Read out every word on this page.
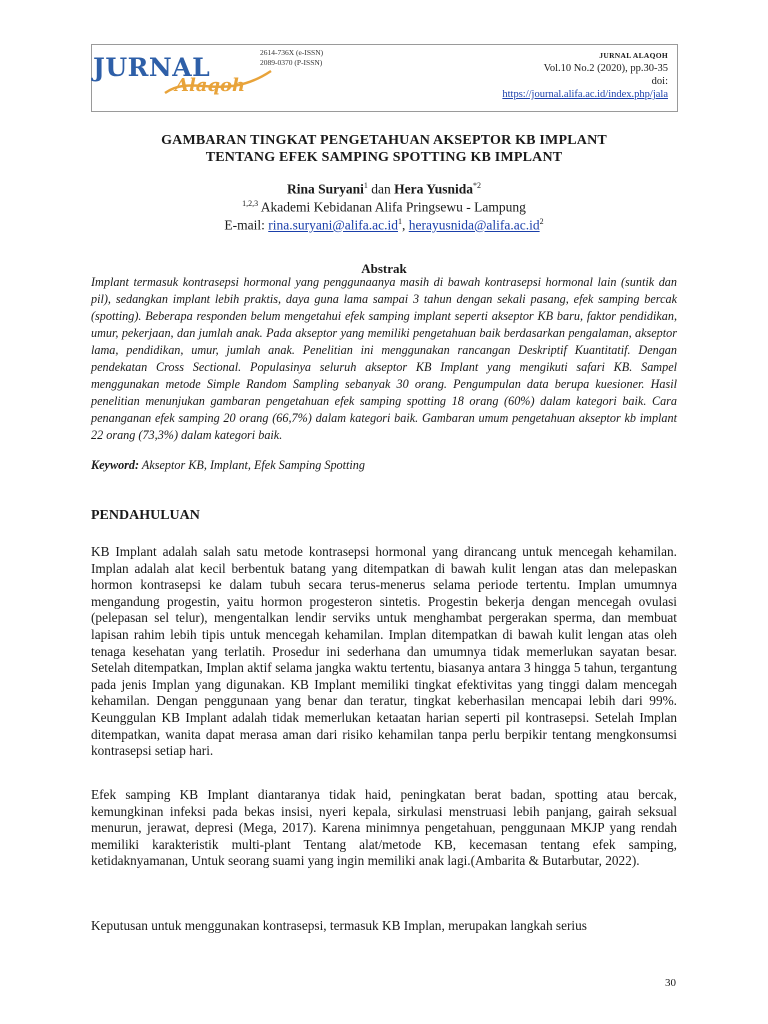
JURNAL
Alaqoh
2614-736X (e-ISSN)
2089-0370 (P-ISSN)
JURNAL ALAQOH
Vol.10 No.2 (2020), pp.30-35
doi:
https://journal.alifa.ac.id/index.php/jala
GAMBARAN TINGKAT PENGETAHUAN AKSEPTOR KB IMPLANT
TENTANG EFEK SAMPING SPOTTING KB IMPLANT
Rina Suryani$^1$ dan Hera Yusnida$^{*2}$
$^{1,2,3}$ Akademi Kebidanan Alifa Pringsewu - Lampung
E-mail: $rina.suryani@alifa.ac.id^1$, $herayusnida@alifa.ac.id^2$
Abstrak
Implant termasuk kontrasepsi hormonal yang penggunaanya masih di bawah kontrasepsi hormonal lain (suntik dan pil), sedangkan implant lebih praktis, daya guna lama sampai 3 tahun dengan sekali pasang, efek samping bercak (spotting). Beberapa responden belum mengetahui efek samping implant seperti akseptor KB baru, faktor pendidikan, umur, pekerjaan, dan jumlah anak. Pada akseptor yang memiliki pengetahuan baik berdasarkan pengalaman, akseptor lama, pendidikan, umur, jumlah anak. Penelitian ini menggunakan rancangan Deskriptif Kuantitatif. Dengan pendekatan Cross Sectional. Populasinya seluruh akseptor KB Implant yang mengikuti safari KB. Sampel menggunakan metode Simple Random Sampling sebanyak 30 orang. Pengumpulan data berupa kuesioner. Hasil penelitian menunjukan gambaran pengetahuan efek samping spotting 18 orang (60%) dalam kategori baik. Cara penanganan efek samping 20 orang (66,7%) dalam kategori baik. Gambaran umum pengetahuan akseptor kb implant 22 orang (73,3%) dalam kategori baik.
Keyword: Akseptor KB, Implant, Efek Samping Spotting
PENDAHULUAN
KB Implant adalah salah satu metode kontrasepsi hormonal yang dirancang untuk mencegah kehamilan. Implan adalah alat kecil berbentuk batang yang ditempatkan di bawah kulit lengan atas dan melepaskan hormon kontrasepsi ke dalam tubuh secara terus-menerus selama periode tertentu. Implan umumnya mengandung progestin, yaitu hormon progesteron sintetis. Progestin bekerja dengan mencegah ovulasi (pelepasan sel telur), mengentalkan lendir serviks untuk menghambat pergerakan sperma, dan membuat lapisan rahim lebih tipis untuk mencegah kehamilan. Implan ditempatkan di bawah kulit lengan atas oleh tenaga kesehatan yang terlatih. Prosedur ini sederhana dan umumnya tidak memerlukan sayatan besar. Setelah ditempatkan, Implan aktif selama jangka waktu tertentu, biasanya antara 3 hingga 5 tahun, tergantung pada jenis Implan yang digunakan. KB Implant memiliki tingkat efektivitas yang tinggi dalam mencegah kehamilan. Dengan penggunaan yang benar dan teratur, tingkat keberhasilan mencapai lebih dari 99%. Keunggulan KB Implant adalah tidak memerlukan ketaatan harian seperti pil kontrasepsi. Setelah Implan ditempatkan, wanita dapat merasa aman dari risiko kehamilan tanpa perlu berpikir tentang mengkonsumsi kontrasepsi setiap hari.
Efek samping KB Implant diantaranya tidak haid, peningkatan berat badan, spotting atau bercak, kemungkinan infeksi pada bekas insisi, nyeri kepala, sirkulasi menstruasi lebih panjang, gairah seksual menurun, jerawat, depresi (Mega, 2017). Karena minimnya pengetahuan, penggunaan MKJP yang rendah memiliki karakteristik multi-plant Tentang alat/metode KB, kecemasan tentang efek samping, ketidaknyamanan, Untuk seorang suami yang ingin memiliki anak lagi.(Ambarita & Butarbutar, 2022).
Keputusan untuk menggunakan kontrasepsi, termasuk KB Implan, merupakan langkah serius
30
